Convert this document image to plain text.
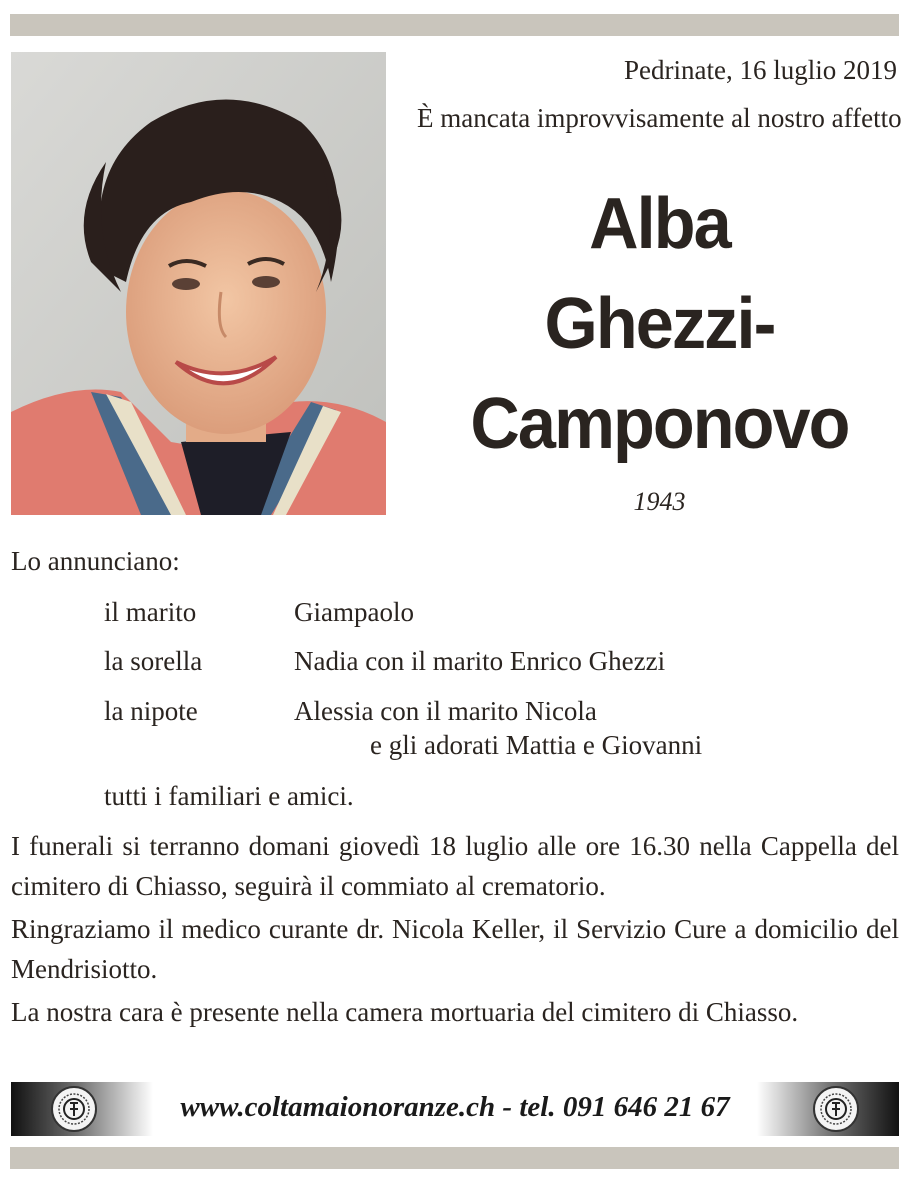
Pedrinate, 16 luglio 2019
È mancata improvvisamente al nostro affetto
Alba
Ghezzi-
Camponovo
1943
Lo annunciano:
il marito	Giampaolo
la sorella	Nadia con il marito Enrico Ghezzi
la nipote	Alessia con il marito Nicola
e gli adorati Mattia e Giovanni
tutti i familiari e amici.
I funerali si terranno domani giovedì 18 luglio alle ore 16.30 nella Cappella del cimitero di Chiasso, seguirà il commiato al crematorio.
Ringraziamo il medico curante dr. Nicola Keller, il Servizio Cure a domicilio del Mendrisiotto.
La nostra cara è presente nella camera mortuaria del cimitero di Chiasso.
www.coltamaionoranze.ch - tel. 091 646 21 67
